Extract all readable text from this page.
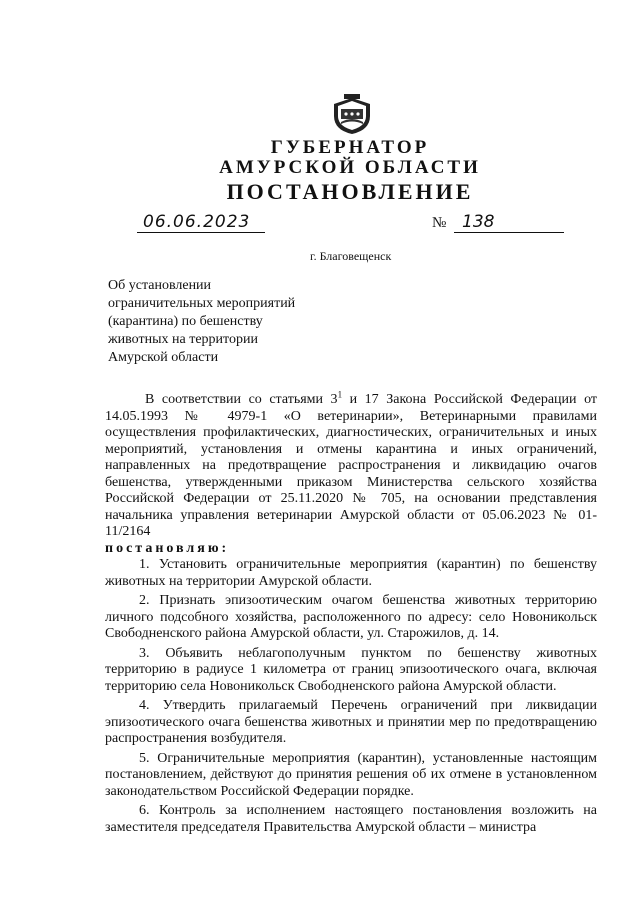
ГУБЕРНАТОР
АМУРСКОЙ ОБЛАСТИ
ПОСТАНОВЛЕНИЕ
06.06.2023	№ 138
г. Благовещенск
Об установлении
ограничительных мероприятий
(карантина) по бешенству
животных на территории
Амурской области

В соответствии со статьями $3^1$ и 17 Закона Российской Федерации от 14.05.1993 № 4979-1 «О ветеринарии», Ветеринарными правилами осуществления профилактических, диагностических, ограничительных и иных мероприятий, установления и отмены карантина и иных ограничений, направленных на предотвращение распространения и ликвидацию очагов бешенства, утвержденными приказом Министерства сельского хозяйства Российской Федерации от 25.11.2020 № 705, на основании представления начальника управления ветеринарии Амурской области от 05.06.2023 № 01-11/2164

постановляю:

1. Установить ограничительные мероприятия (карантин) по бешенству животных на территории Амурской области.

2. Признать эпизоотическим очагом бешенства животных территорию личного подсобного хозяйства, расположенного по адресу: село Новоникольск Свободненского района Амурской области, ул. Старожилов, д. 14.

3. Объявить неблагополучным пунктом по бешенству животных территорию в радиусе 1 километра от границ эпизоотического очага, включая территорию села Новоникольск Свободненского района Амурской области.

4. Утвердить прилагаемый Перечень ограничений при ликвидации эпизоотического очага бешенства животных и принятии мер по предотвращению распространения возбудителя.

5. Ограничительные мероприятия (карантин), установленные настоящим постановлением, действуют до принятия решения об их отмене в установленном законодательством Российской Федерации порядке.

6. Контроль за исполнением настоящего постановления возложить на заместителя председателя Правительства Амурской области – министра
